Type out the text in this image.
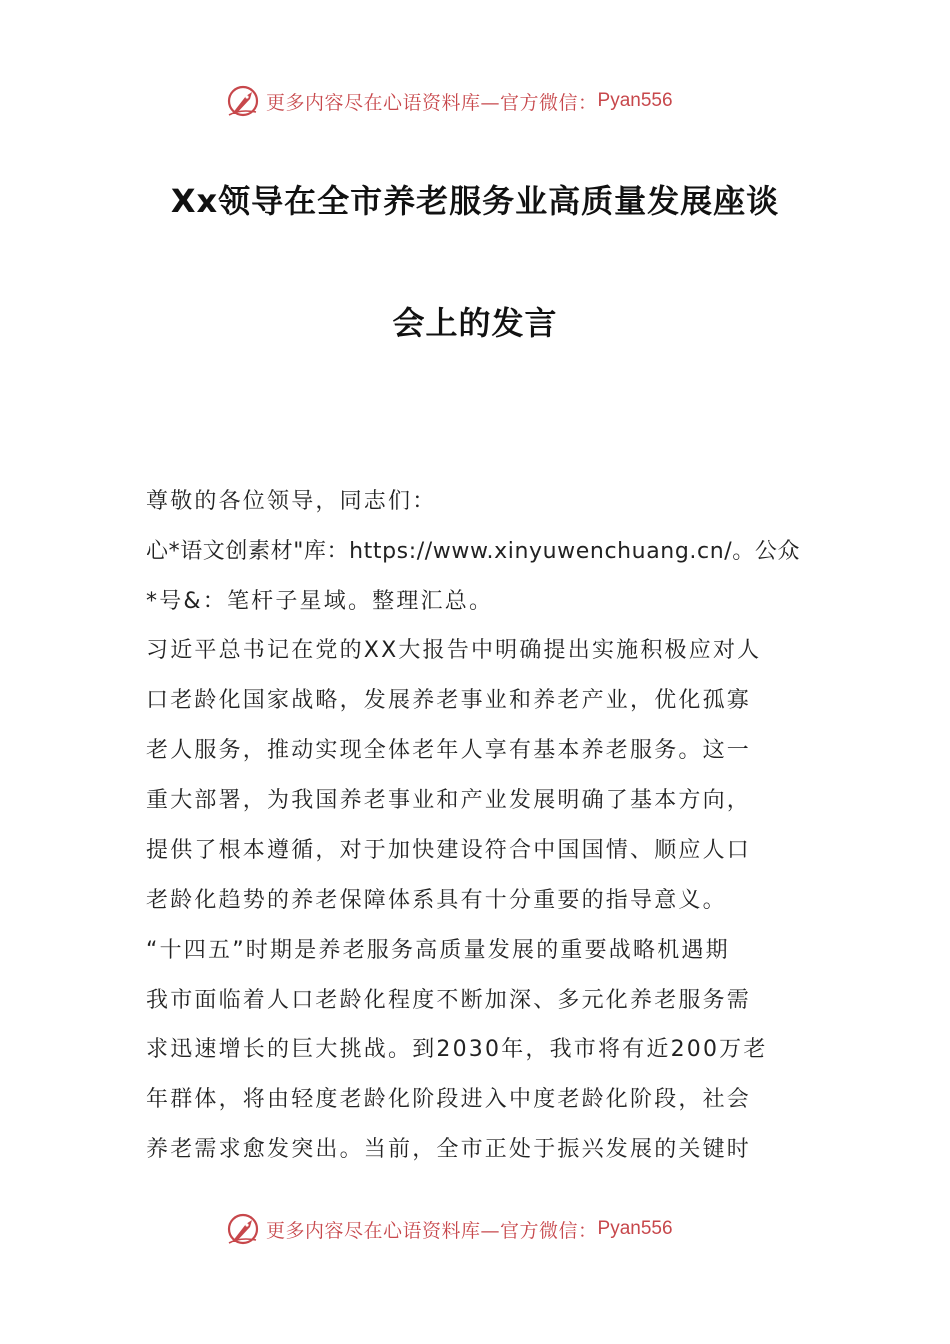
更多内容尽在心语资料库—官方微信： Pyan556
Xx领导在全市养老服务业高质量发展座谈
会上的发言
尊敬的各位领导，同志们：
心*语文创素材"库：https://www.xinyuwenchuang.cn/。公众
*号&：笔杆子星域。整理汇总。
习近平总书记在党的XX大报告中明确提出实施积极应对人
口老龄化国家战略，发展养老事业和养老产业，优化孤寡
老人服务，推动实现全体老年人享有基本养老服务。这一
重大部署，为我国养老事业和产业发展明确了基本方向，
提供了根本遵循，对于加快建设符合中国国情、顺应人口
老龄化趋势的养老保障体系具有十分重要的指导意义。
“十四五”时期是养老服务高质量发展的重要战略机遇期
我市面临着人口老龄化程度不断加深、多元化养老服务需
求迅速增长的巨大挑战。到2030年，我市将有近200万老
年群体，将由轻度老龄化阶段进入中度老龄化阶段，社会
养老需求愈发突出。当前，全市正处于振兴发展的关键时
更多内容尽在心语资料库—官方微信： Pyan556
